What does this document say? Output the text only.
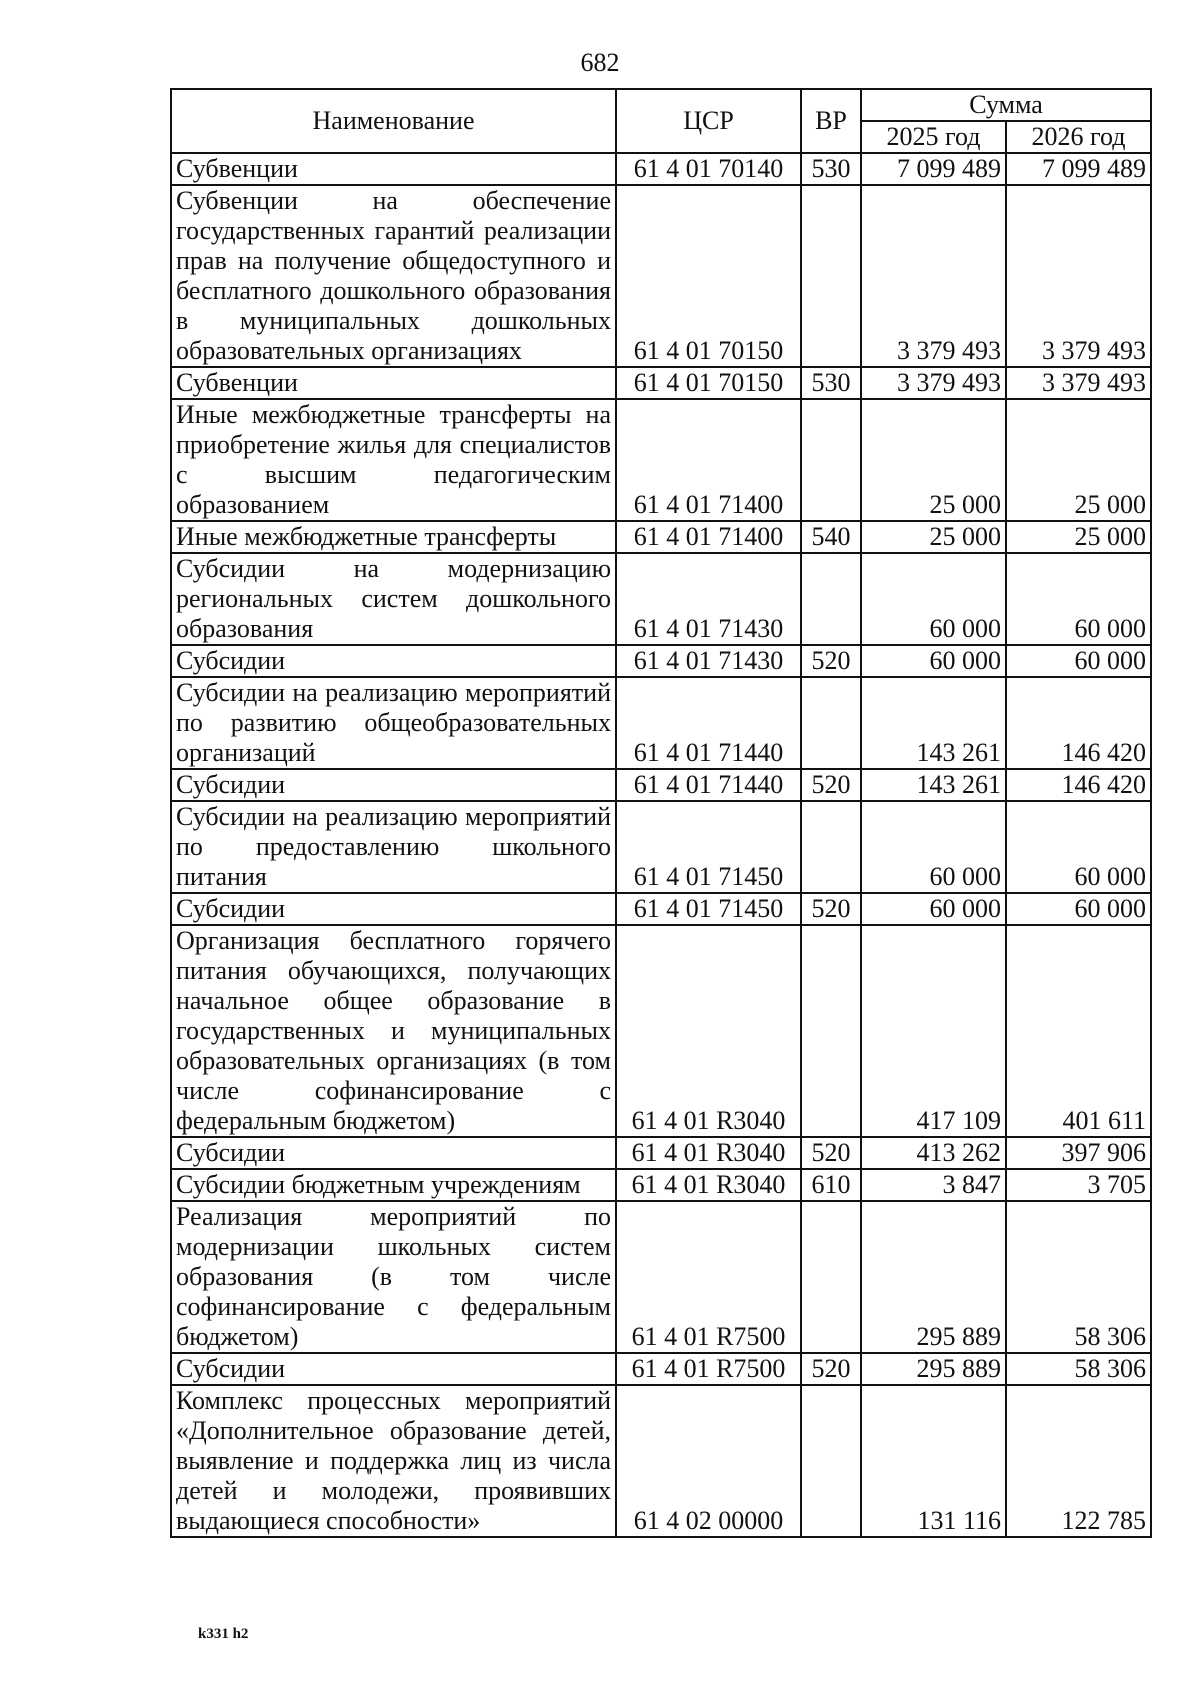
682
Наименование	ЦСР	ВР	Сумма	
			2025 год	2026 год
Субвенции	61 4 01 70140	530	7 099 489	7 099 489
Субвенции на обеспечение государственных гарантий реализации прав на получение общедоступного и бесплатного дошкольного образования в муниципальных дошкольных образовательных организациях	61 4 01 70150		3 379 493	3 379 493
Субвенции	61 4 01 70150	530	3 379 493	3 379 493
Иные межбюджетные трансферты на приобретение жилья для специалистов с высшим педагогическим образованием	61 4 01 71400		25 000	25 000
Иные межбюджетные трансферты	61 4 01 71400	540	25 000	25 000
Субсидии на модернизацию региональных систем дошкольного образования	61 4 01 71430		60 000	60 000
Субсидии	61 4 01 71430	520	60 000	60 000
Субсидии на реализацию мероприятий по развитию общеобразовательных организаций	61 4 01 71440		143 261	146 420
Субсидии	61 4 01 71440	520	143 261	146 420
Субсидии на реализацию мероприятий по предоставлению школьного питания	61 4 01 71450		60 000	60 000
Субсидии	61 4 01 71450	520	60 000	60 000
Организация бесплатного горячего питания обучающихся, получающих начальное общее образование в государственных и муниципальных образовательных организациях (в том числе софинансирование с федеральным бюджетом)	61 4 01 R3040		417 109	401 611
Субсидии	61 4 01 R3040	520	413 262	397 906
Субсидии бюджетным учреждениям	61 4 01 R3040	610	3 847	3 705
Реализация мероприятий по модернизации школьных систем образования (в том числе софинансирование с федеральным бюджетом)	61 4 01 R7500		295 889	58 306
Субсидии	61 4 01 R7500	520	295 889	58 306
Комплекс процессных мероприятий «Дополнительное образование детей, выявление и поддержка лиц из числа детей и молодежи, проявивших выдающиеся способности»	61 4 02 00000		131 116	122 785
k331 h2
